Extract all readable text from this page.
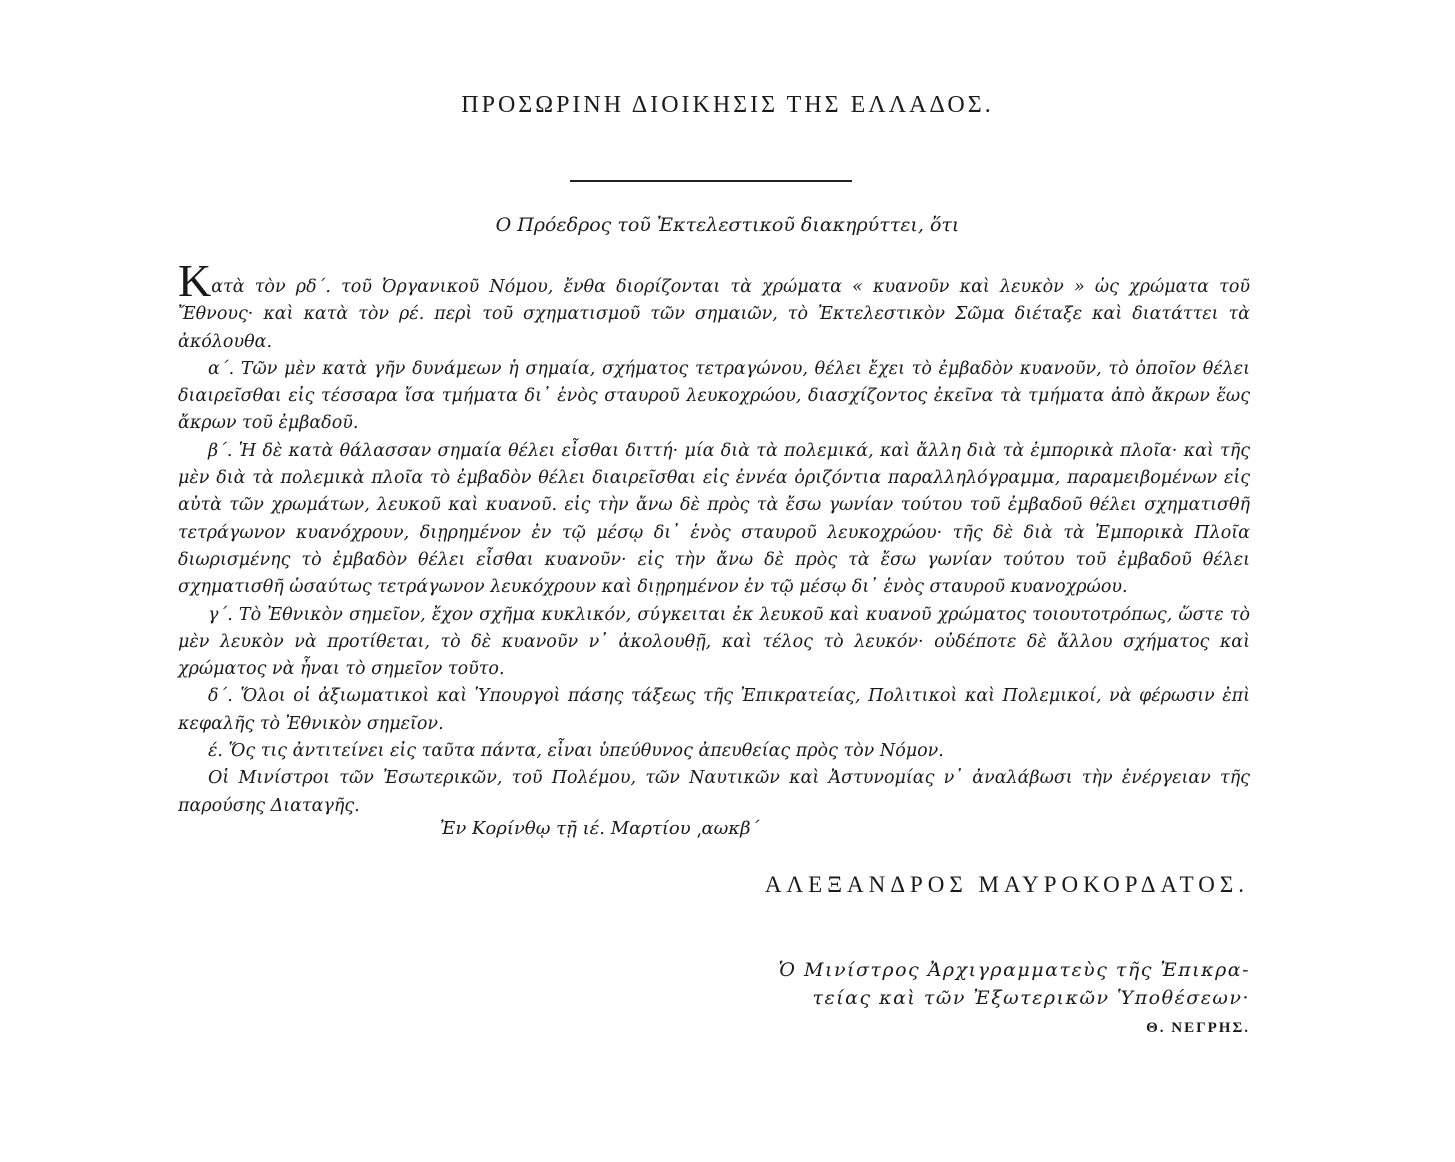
ΠΡΟΣΩΡΙΝΗ ΔΙΟΙΚΗΣΙΣ ΤΗΣ ΕΛΛΑΔΟΣ.
Ο Πρόεδρος τοῦ Ἐκτελεστικοῦ διακηρύττει, ὅτι

Κατὰ τὸν ρδ΄. τοῦ Ὀργανικοῦ Νόμου, ἔνθα διορίζονται τὰ χρώματα « κυανοῦν καὶ λευκὸν » ὡς χρώματα τοῦ Ἔθνους· καὶ κατὰ τὸν ρέ. περὶ τοῦ σχηματισμοῦ τῶν σημαιῶν, τὸ Ἐκτελεστικὸν Σῶμα διέταξε καὶ διατάττει τὰ ἀκόλουθα.

α΄. Τῶν μὲν κατὰ γῆν δυνάμεων ἡ σημαία, σχήματος τετραγώνου, θέλει ἔχει τὸ ἐμβαδὸν κυανοῦν, τὸ ὁποῖον θέλει διαιρεῖσθαι εἰς τέσσαρα ἴσα τμήματα δι᾽ ἑνὸς σταυροῦ λευκοχρώου, διασχίζοντος ἐκεῖνα τὰ τμήματα ἀπὸ ἄκρων ἕως ἄκρων τοῦ ἐμβαδοῦ.

β΄. Ἡ δὲ κατὰ θάλασσαν σημαία θέλει εἶσθαι διττή· μία διὰ τὰ πολεμικά, καὶ ἄλλη διὰ τὰ ἐμπορικὰ πλοῖα· καὶ τῆς μὲν διὰ τὰ πολεμικὰ πλοῖα τὸ ἐμβαδὸν θέλει διαιρεῖσθαι εἰς ἐννέα ὁριζόντια παραλληλόγραμμα, παραμειβομένων εἰς αὐτὰ τῶν χρωμάτων, λευκοῦ καὶ κυανοῦ. εἰς τὴν ἄνω δὲ πρὸς τὰ ἔσω γωνίαν τούτου τοῦ ἐμβαδοῦ θέλει σχηματισθῆ τετράγωνον κυανόχρουν, διῃρημένον ἐν τῷ μέσῳ δι᾽ ἑνὸς σταυροῦ λευκοχρώου· τῆς δὲ διὰ τὰ Ἐμπορικὰ Πλοῖα διωρισμένης τὸ ἐμβαδὸν θέλει εἶσθαι κυανοῦν· εἰς τὴν ἄνω δὲ πρὸς τὰ ἔσω γωνίαν τούτου τοῦ ἐμβαδοῦ θέλει σχηματισθῆ ὡσαύτως τετράγωνον λευκόχρουν καὶ διῃρημένον ἐν τῷ μέσῳ δι᾽ ἑνὸς σταυροῦ κυανοχρώου.

γ΄. Τὸ Ἐθνικὸν σημεῖον, ἔχον σχῆμα κυκλικόν, σύγκειται ἐκ λευκοῦ καὶ κυανοῦ χρώματος τοιουτοτρόπως, ὥστε τὸ μὲν λευκὸν νὰ προτίθεται, τὸ δὲ κυανοῦν ν᾽ ἀκολουθῇ, καὶ τέλος τὸ λευκόν· οὐδέποτε δὲ ἄλλου σχήματος καὶ χρώματος νὰ ἦναι τὸ σημεῖον τοῦτο.

δ΄. Ὅλοι οἱ ἀξιωματικοὶ καὶ Ὑπουργοὶ πάσης τάξεως τῆς Ἐπικρατείας, Πολιτικοὶ καὶ Πολεμικοί, νὰ φέρωσιν ἐπὶ κεφαλῆς τὸ Ἐθνικὸν σημεῖον.

έ. Ὅς τις ἀντιτείνει εἰς ταῦτα πάντα, εἶναι ὑπεύθυνος ἀπευθείας πρὸς τὸν Νόμον.

Οἱ Μινίστροι τῶν Ἐσωτερικῶν, τοῦ Πολέμου, τῶν Ναυτικῶν καὶ Ἀστυνομίας ν᾽ ἀναλάβωσι τὴν ἐνέργειαν τῆς παρούσης Διαταγῆς.

Ἐν Κορίνθῳ τῇ ιέ. Μαρτίου ͵αωκβ΄
ΑΛΕΞΑΝΔΡΟΣ ΜΑΥΡΟΚΟΡΔΑΤΟΣ.
Ὁ Μινίστρος Ἀρχιγραμματεὺς τῆς Ἐπικρα-
τείας καὶ τῶν Ἐξωτερικῶν Ὑποθέσεων·
Θ. ΝΕΓΡΗΣ.
